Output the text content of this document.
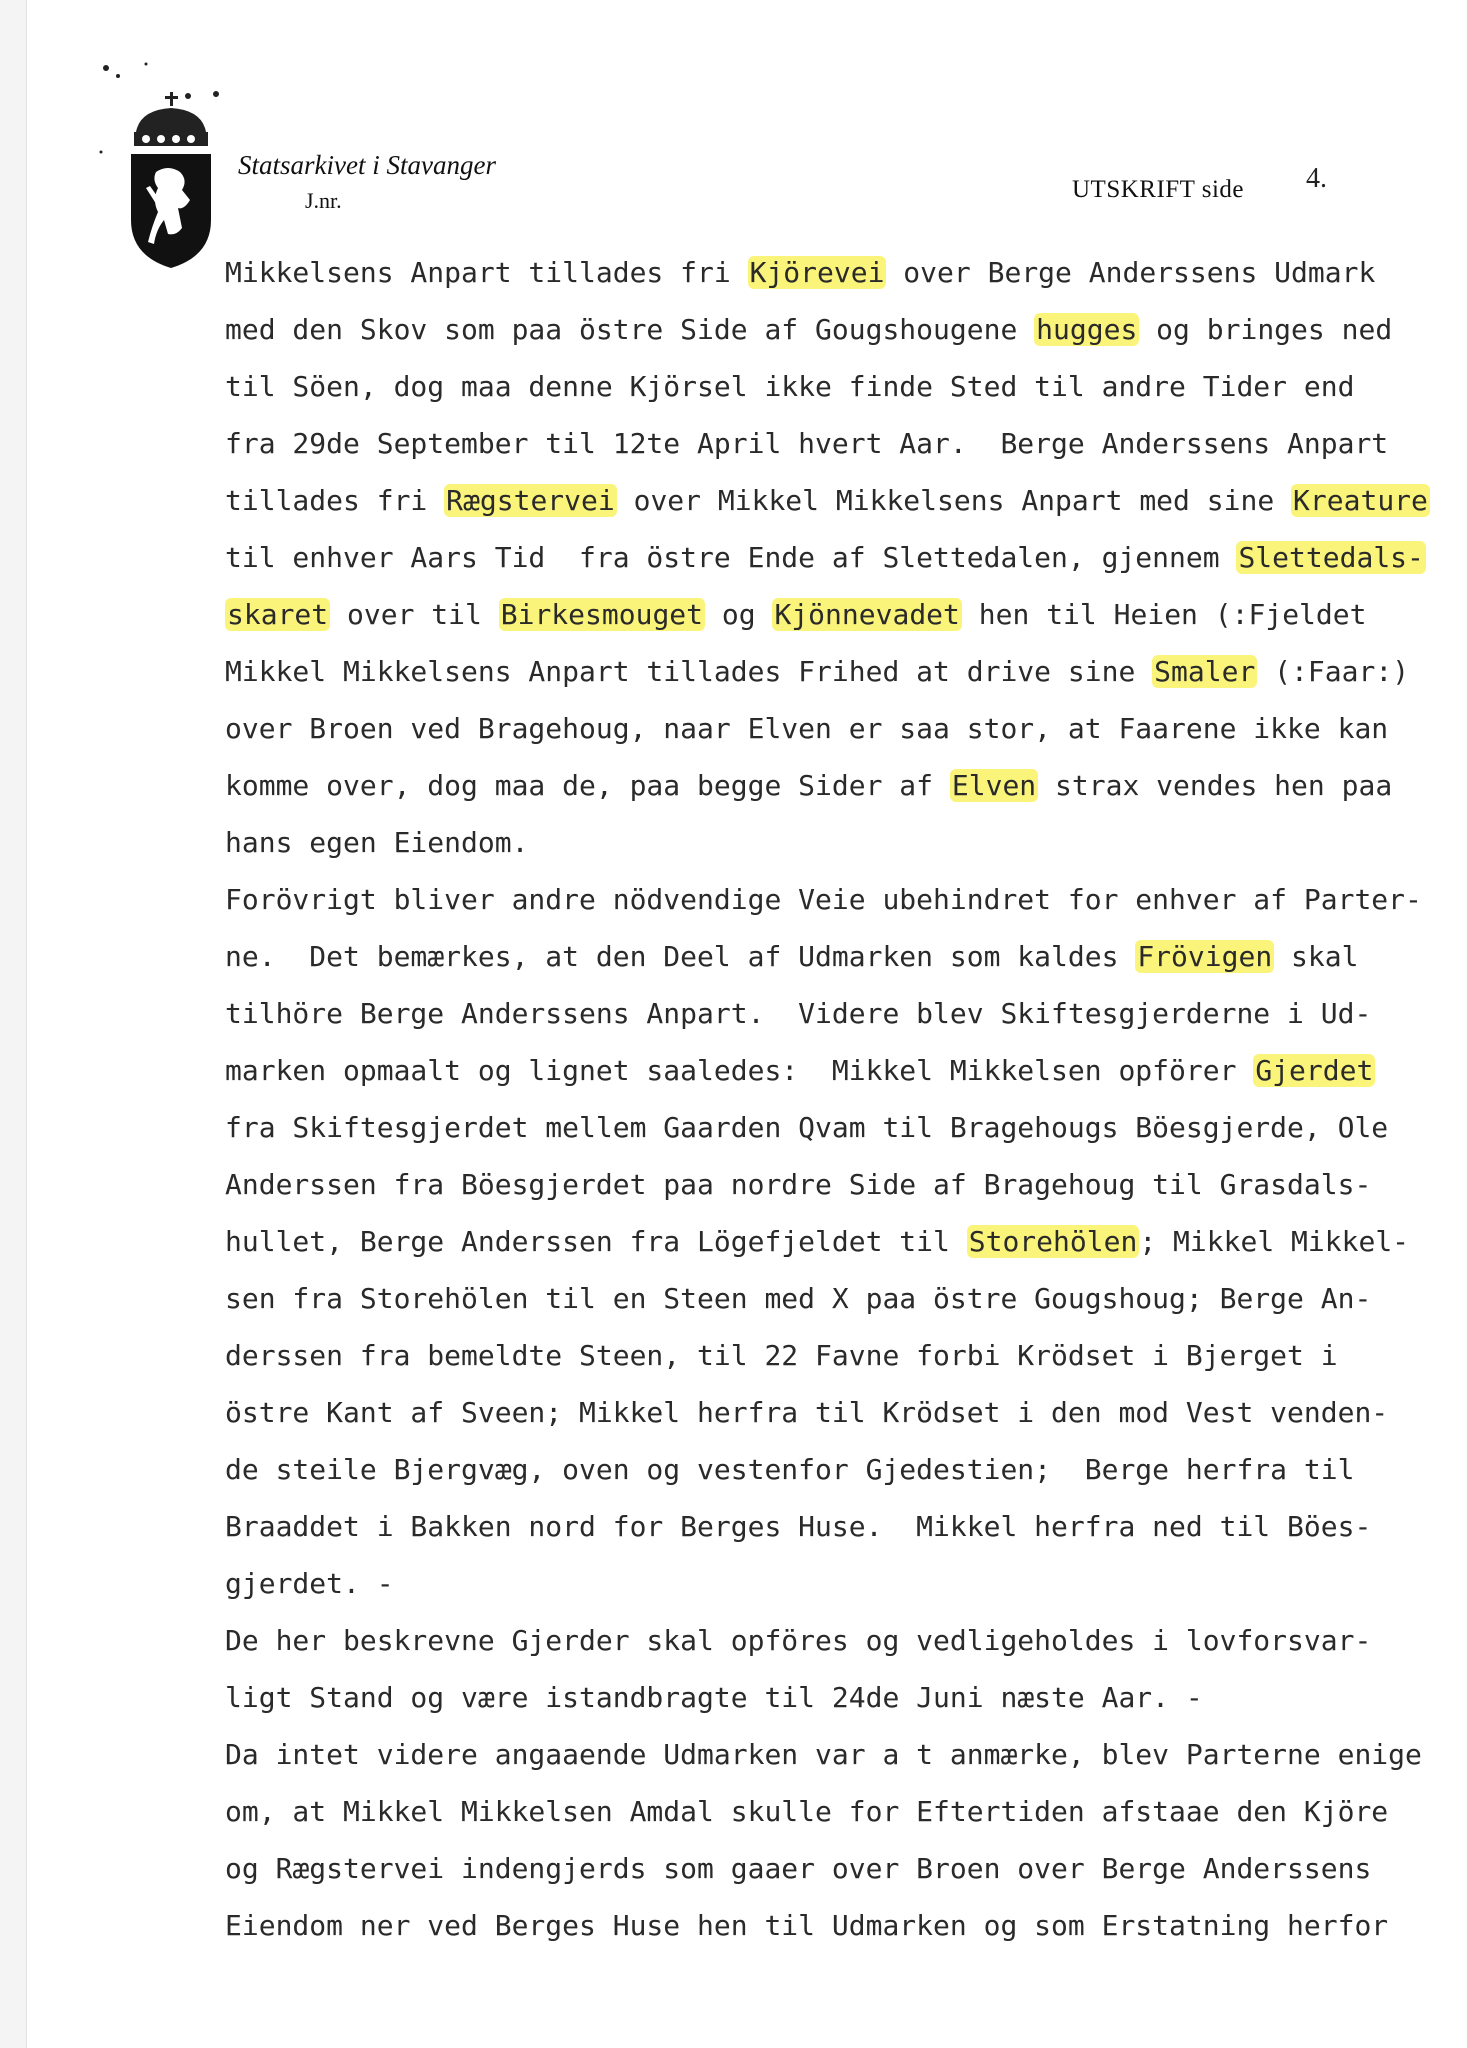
Statsarkivet i Stavanger
J.nr.	UTSKRIFT side 4.
Mikkelsens Anpart tillades fri Kjörevei over Berge Anderssens Udmark
med den Skov som paa östre Side af Gougshougene hugges og bringes ned
til Söen, dog maa denne Kjörsel ikke finde Sted til andre Tider end
fra 29de September til 12te April hvert Aar.  Berge Anderssens Anpart
tillades fri Rægstervei over Mikkel Mikkelsens Anpart med sine Kreature
til enhver Aars Tid  fra östre Ende af Slettedalen, gjennem Slettedals-
skaret over til Birkesmouget og Kjönnevadet hen til Heien (:Fjeldet
Mikkel Mikkelsens Anpart tillades Frihed at drive sine Smaler (:Faar:)
over Broen ved Bragehoug, naar Elven er saa stor, at Faarene ikke kan
komme over, dog maa de, paa begge Sider af Elven strax vendes hen paa
hans egen Eiendom.
Forövrigt bliver andre nödvendige Veie ubehindret for enhver af Parter-
ne.  Det bemærkes, at den Deel af Udmarken som kaldes Frövigen skal
tilhöre Berge Anderssens Anpart.  Videre blev Skiftesgjerderne i Ud-
marken opmaalt og lignet saaledes:  Mikkel Mikkelsen opförer Gjerdet
fra Skiftesgjerdet mellem Gaarden Qvam til Bragehougs Böesgjerde, Ole
Anderssen fra Böesgjerdet paa nordre Side af Bragehoug til Grasdals-
hullet, Berge Anderssen fra Lögefjeldet til Storehölen; Mikkel Mikkel-
sen fra Storehölen til en Steen med X paa östre Gougshoug; Berge An-
derssen fra bemeldte Steen, til 22 Favne forbi Krödset i Bjerget i
östre Kant af Sveen; Mikkel herfra til Krödset i den mod Vest venden-
de steile Bjergvæg, oven og vestenfor Gjedestien;  Berge herfra til
Braaddet i Bakken nord for Berges Huse.  Mikkel herfra ned til Böes-
gjerdet. -
De her beskrevne Gjerder skal opföres og vedligeholdes i lovforsvar-
ligt Stand og være istandbragte til 24de Juni næste Aar. -
Da intet videre angaaende Udmarken var a t anmærke, blev Parterne enige
om, at Mikkel Mikkelsen Amdal skulle for Eftertiden afstaae den Kjöre
og Rægstervei indengjerds som gaaer over Broen over Berge Anderssens
Eiendom ner ved Berges Huse hen til Udmarken og som Erstatning herfor
